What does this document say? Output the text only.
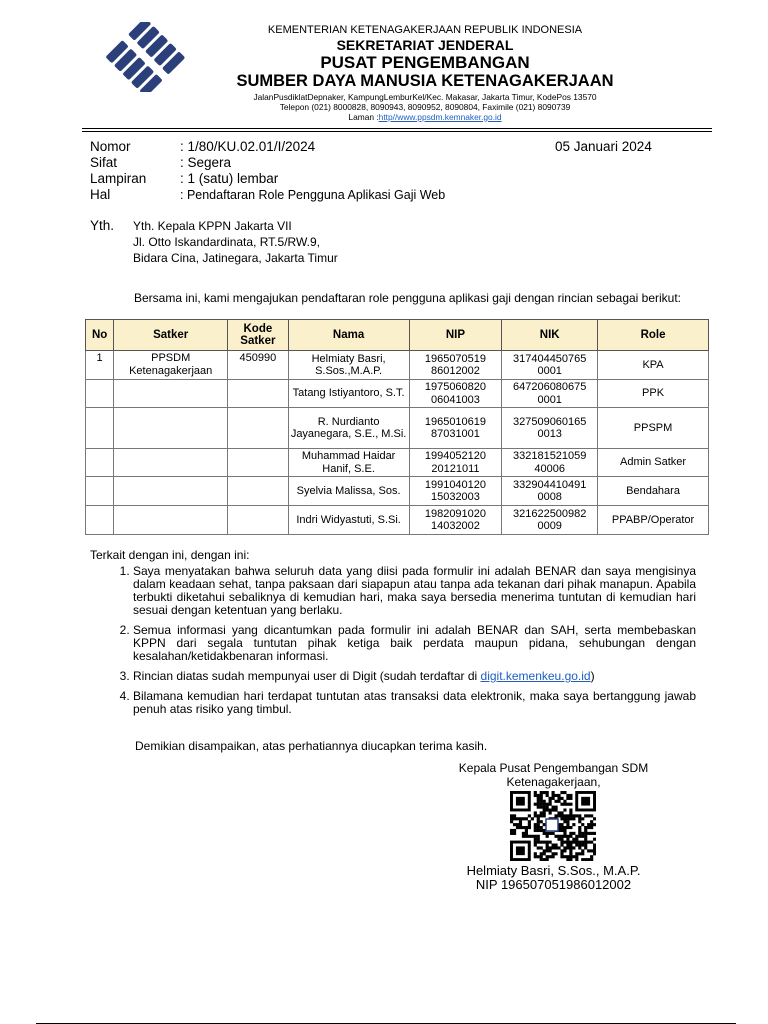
KEMENTERIAN KETENAGAKERJAAN REPUBLIK INDONESIA
SEKRETARIAT JENDERAL
PUSAT PENGEMBANGAN
SUMBER DAYA MANUSIA KETENAGAKERJAAN
JalanPusdiklatDepnaker, KampungLemburKel/Kec. Makasar, Jakarta Timur, KodePos 13570
Telepon (021) 8000828, 8090943, 8090952, 8090804, Faximile (021) 8090739
Laman :http//www.ppsdm.kemnaker.go.id
Nomor	: 1/80/KU.02.01/I/2024
Sifat	: Segera
Lampiran	: 1 (satu) lembar
Hal	: Pendaftaran Role Pengguna Aplikasi Gaji Web
05 Januari 2024
Yth. Yth. Kepala KPPN Jakarta VII
Jl. Otto Iskandardinata, RT.5/RW.9,
Bidara Cina, Jatinegara, Jakarta Timur
Bersama ini, kami mengajukan pendaftaran role pengguna aplikasi gaji dengan rincian sebagai berikut:
No	Satker	Kode Satker	Nama	NIP	NIK	Role
1	PPSDM Ketenagakerjaan	450990	Helmiaty Basri, S.Sos.,M.A.P.	1965070519 86012002	317404450765 0001	KPA
			Tatang Istiyantoro, S.T.	1975060820 06041003	647206080675 0001	PPK
			R. Nurdianto Jayanegara, S.E., M.Si.	1965010619 87031001	327509060165 0013	PPSPM
			Muhammad Haidar Hanif, S.E.	1994052120 20121011	332181521059 40006	Admin Satker
			Syelvia Malissa, Sos.	1991040120 15032003	332904410491 0008	Bendahara
			Indri Widyastuti, S.Si.	1982091020 14032002	321622500982 0009	PPABP/Operator
Terkait dengan ini, dengan ini:
1. Saya menyatakan bahwa seluruh data yang diisi pada formulir ini adalah BENAR dan saya mengisinya dalam keadaan sehat, tanpa paksaan dari siapapun atau tanpa ada tekanan dari pihak manapun. Apabila terbukti diketahui sebaliknya di kemudian hari, maka saya bersedia menerima tuntutan di kemudian hari sesuai dengan ketentuan yang berlaku.
2. Semua informasi yang dicantumkan pada formulir ini adalah BENAR dan SAH, serta membebaskan KPPN dari segala tuntutan pihak ketiga baik perdata maupun pidana, sehubungan dengan kesalahan/ketidakbenaran informasi.
3. Rincian diatas sudah mempunyai user di Digit (sudah terdaftar di digit.kemenkeu.go.id)
4. Bilamana kemudian hari terdapat tuntutan atas transaksi data elektronik, maka saya bertanggung jawab penuh atas risiko yang timbul.
Demikian disampaikan, atas perhatiannya diucapkan terima kasih.
Kepala Pusat Pengembangan SDM
Ketenagakerjaan,
Helmiaty Basri, S.Sos., M.A.P.
NIP 196507051986012002
